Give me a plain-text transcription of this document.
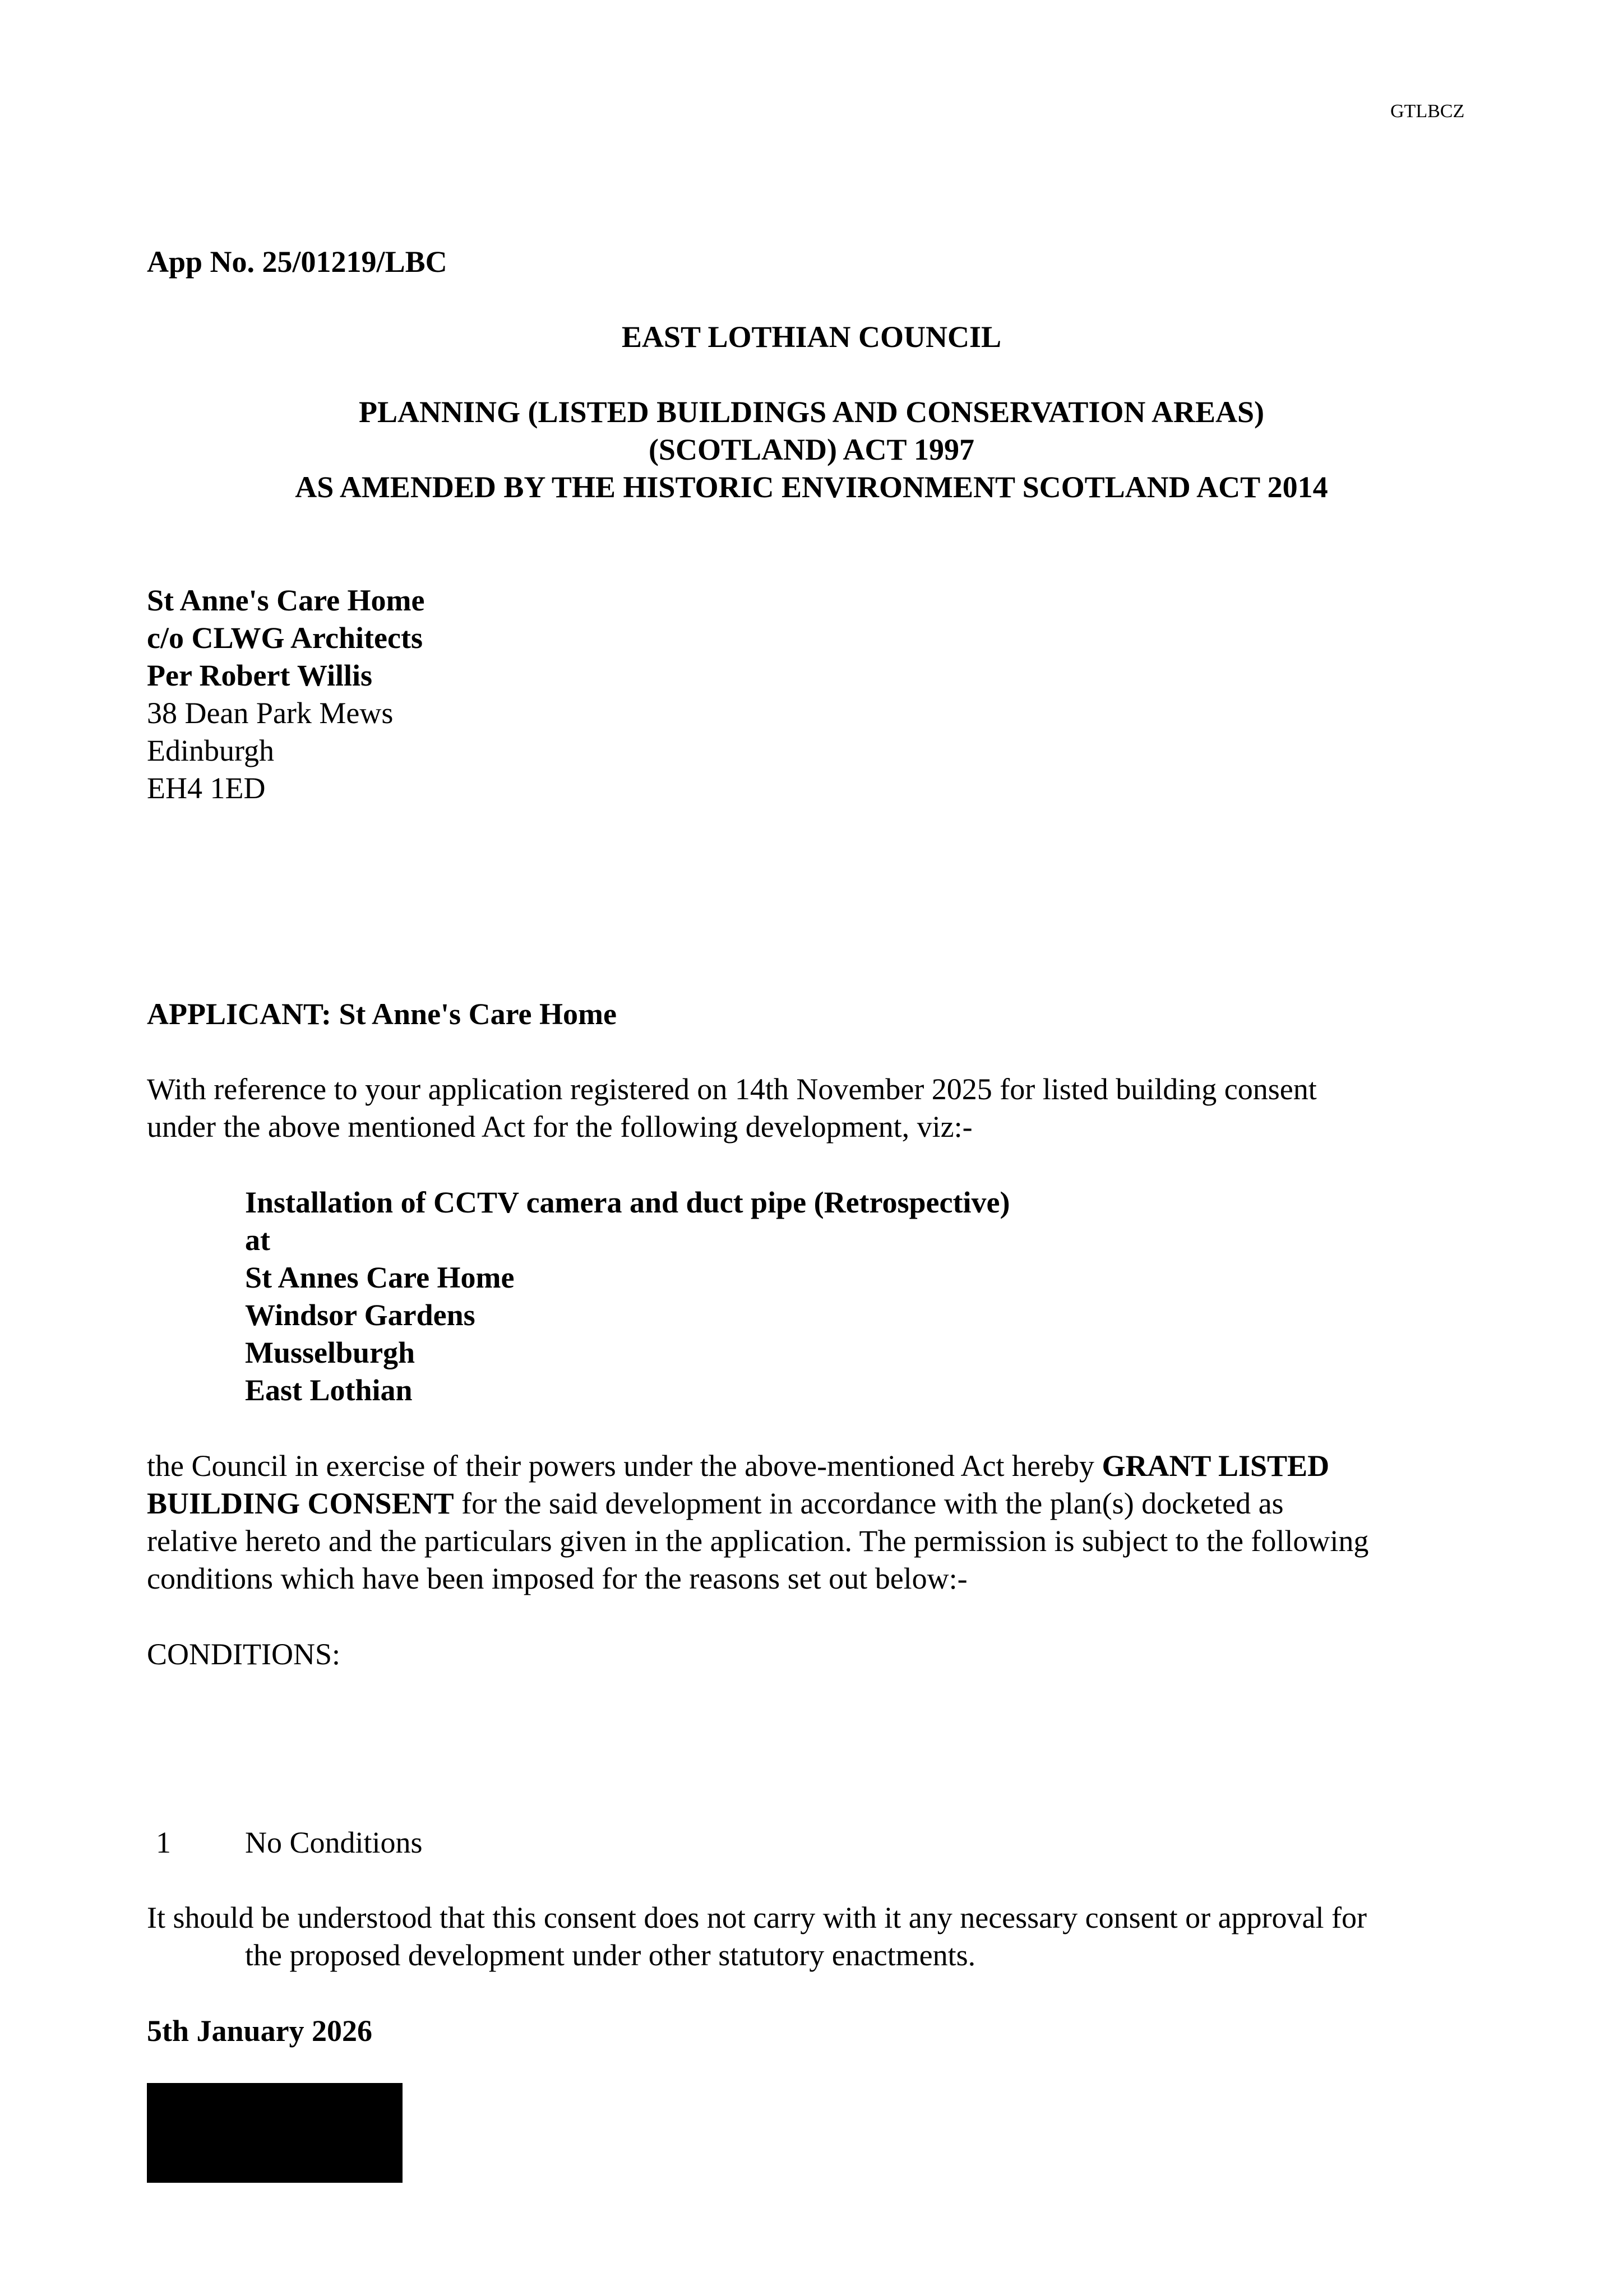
GTLBCZ
App No. 25/01219/LBC
EAST LOTHIAN COUNCIL
PLANNING (LISTED BUILDINGS AND CONSERVATION AREAS)
(SCOTLAND) ACT 1997
AS AMENDED BY THE HISTORIC ENVIRONMENT SCOTLAND ACT 2014
St Anne's Care Home
c/o CLWG Architects
Per Robert Willis
38 Dean Park Mews
Edinburgh
EH4 1ED
APPLICANT: St Anne's Care Home
With reference to your application registered on 14th November 2025 for listed building consent
under the above mentioned Act for the following development, viz:-
Installation of CCTV camera and duct pipe (Retrospective)
at
St Annes Care Home
Windsor Gardens
Musselburgh
East Lothian
the Council in exercise of their powers under the above-mentioned Act hereby GRANT LISTED
BUILDING CONSENT for the said development in accordance with the plan(s) docketed as
relative hereto and the particulars given in the application. The permission is subject to the following
conditions which have been imposed for the reasons set out below:-
CONDITIONS:
1 No Conditions
It should be understood that this consent does not carry with it any necessary consent or approval for
the proposed development under other statutory enactments.
5th January 2026
